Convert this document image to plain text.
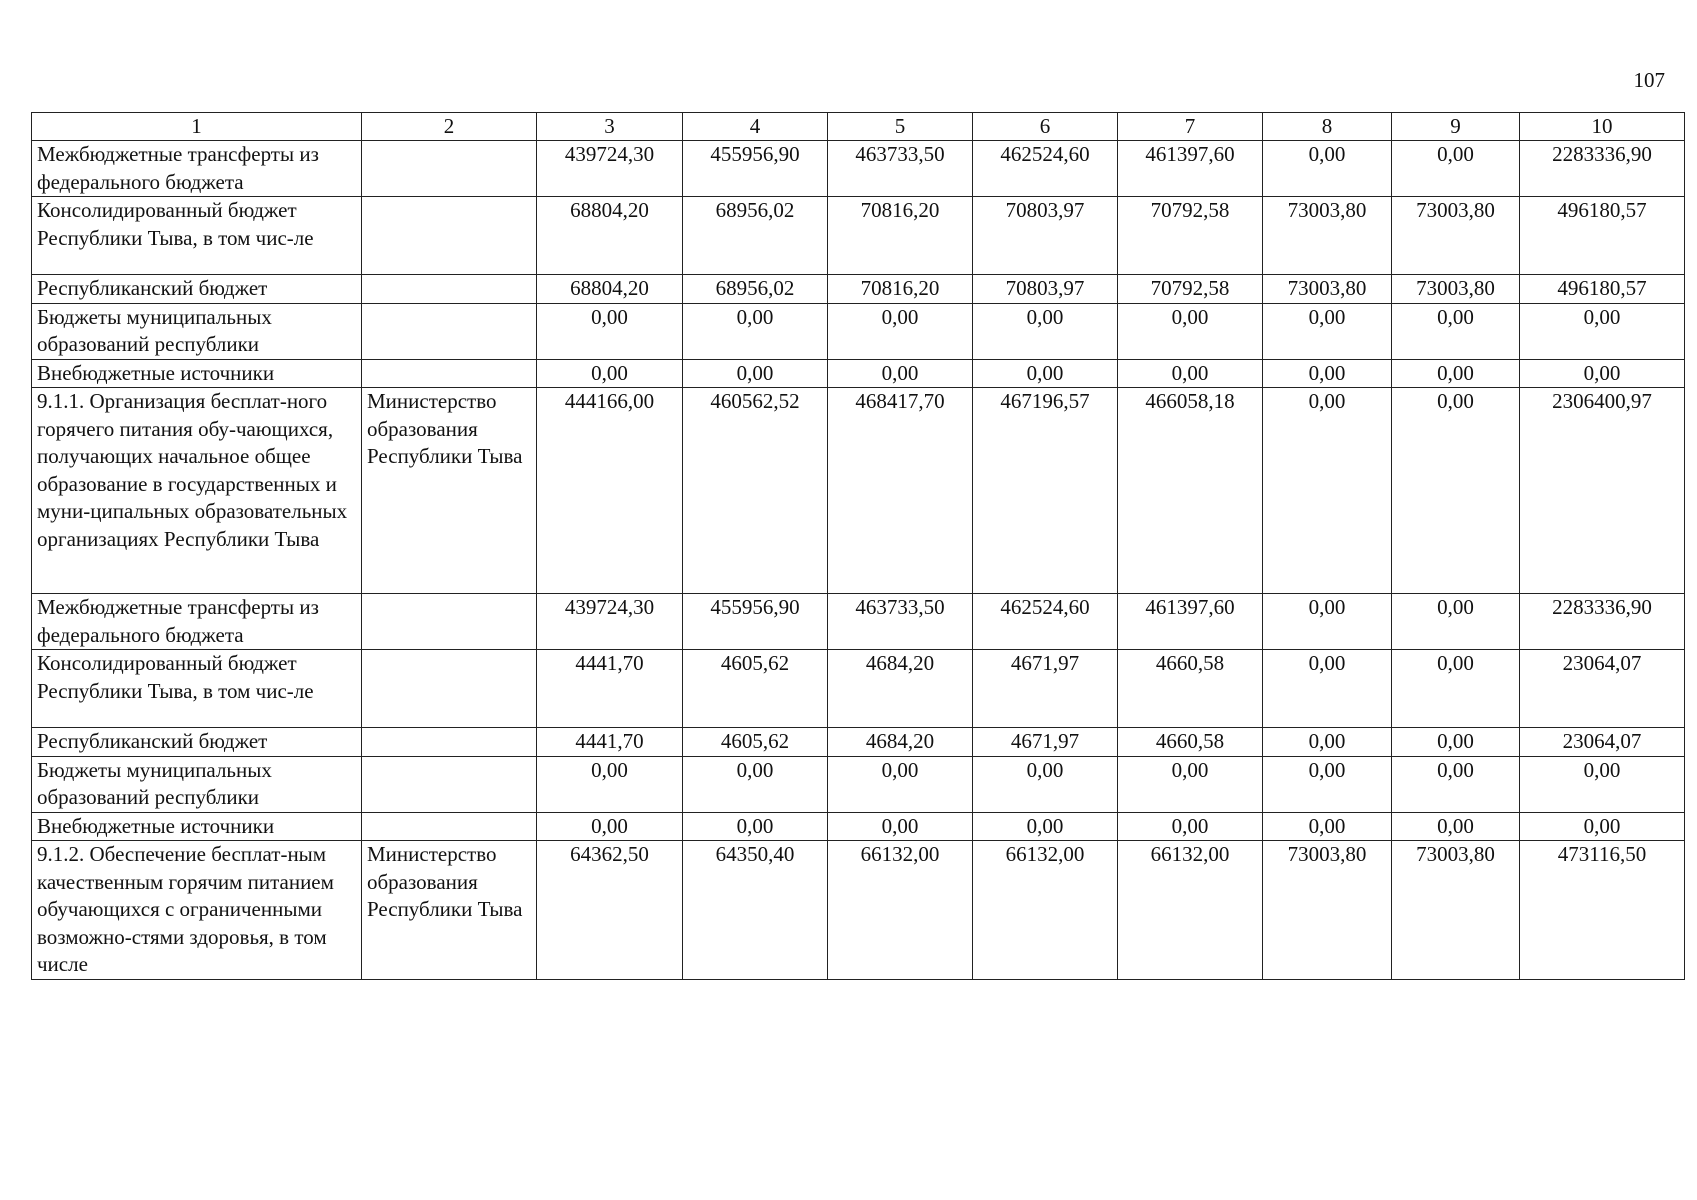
107
1	2	3	4	5	6	7	8	9	10
Межбюджетные трансферты из федерального бюджета		439724,30	455956,90	463733,50	462524,60	461397,60	0,00	0,00	2283336,90
Консолидированный бюджет Республики Тыва, в том чис-ле		68804,20	68956,02	70816,20	70803,97	70792,58	73003,80	73003,80	496180,57
Республиканский бюджет		68804,20	68956,02	70816,20	70803,97	70792,58	73003,80	73003,80	496180,57
Бюджеты муниципальных образований республики		0,00	0,00	0,00	0,00	0,00	0,00	0,00	0,00
Внебюджетные источники		0,00	0,00	0,00	0,00	0,00	0,00	0,00	0,00
9.1.1. Организация бесплат-ного горячего питания обу-чающихся, получающих начальное общее образование в государственных и муни-ципальных образовательных организациях Республики Тыва	Министерство образования Республики Тыва	444166,00	460562,52	468417,70	467196,57	466058,18	0,00	0,00	2306400,97
Межбюджетные трансферты из федерального бюджета		439724,30	455956,90	463733,50	462524,60	461397,60	0,00	0,00	2283336,90
Консолидированный бюджет Республики Тыва, в том чис-ле		4441,70	4605,62	4684,20	4671,97	4660,58	0,00	0,00	23064,07
Республиканский бюджет		4441,70	4605,62	4684,20	4671,97	4660,58	0,00	0,00	23064,07
Бюджеты муниципальных образований республики		0,00	0,00	0,00	0,00	0,00	0,00	0,00	0,00
Внебюджетные источники		0,00	0,00	0,00	0,00	0,00	0,00	0,00	0,00
9.1.2. Обеспечение бесплат-ным качественным горячим питанием обучающихся с ограниченными возможно-стями здоровья, в том числе	Министерство образования Республики Тыва	64362,50	64350,40	66132,00	66132,00	66132,00	73003,80	73003,80	473116,50
